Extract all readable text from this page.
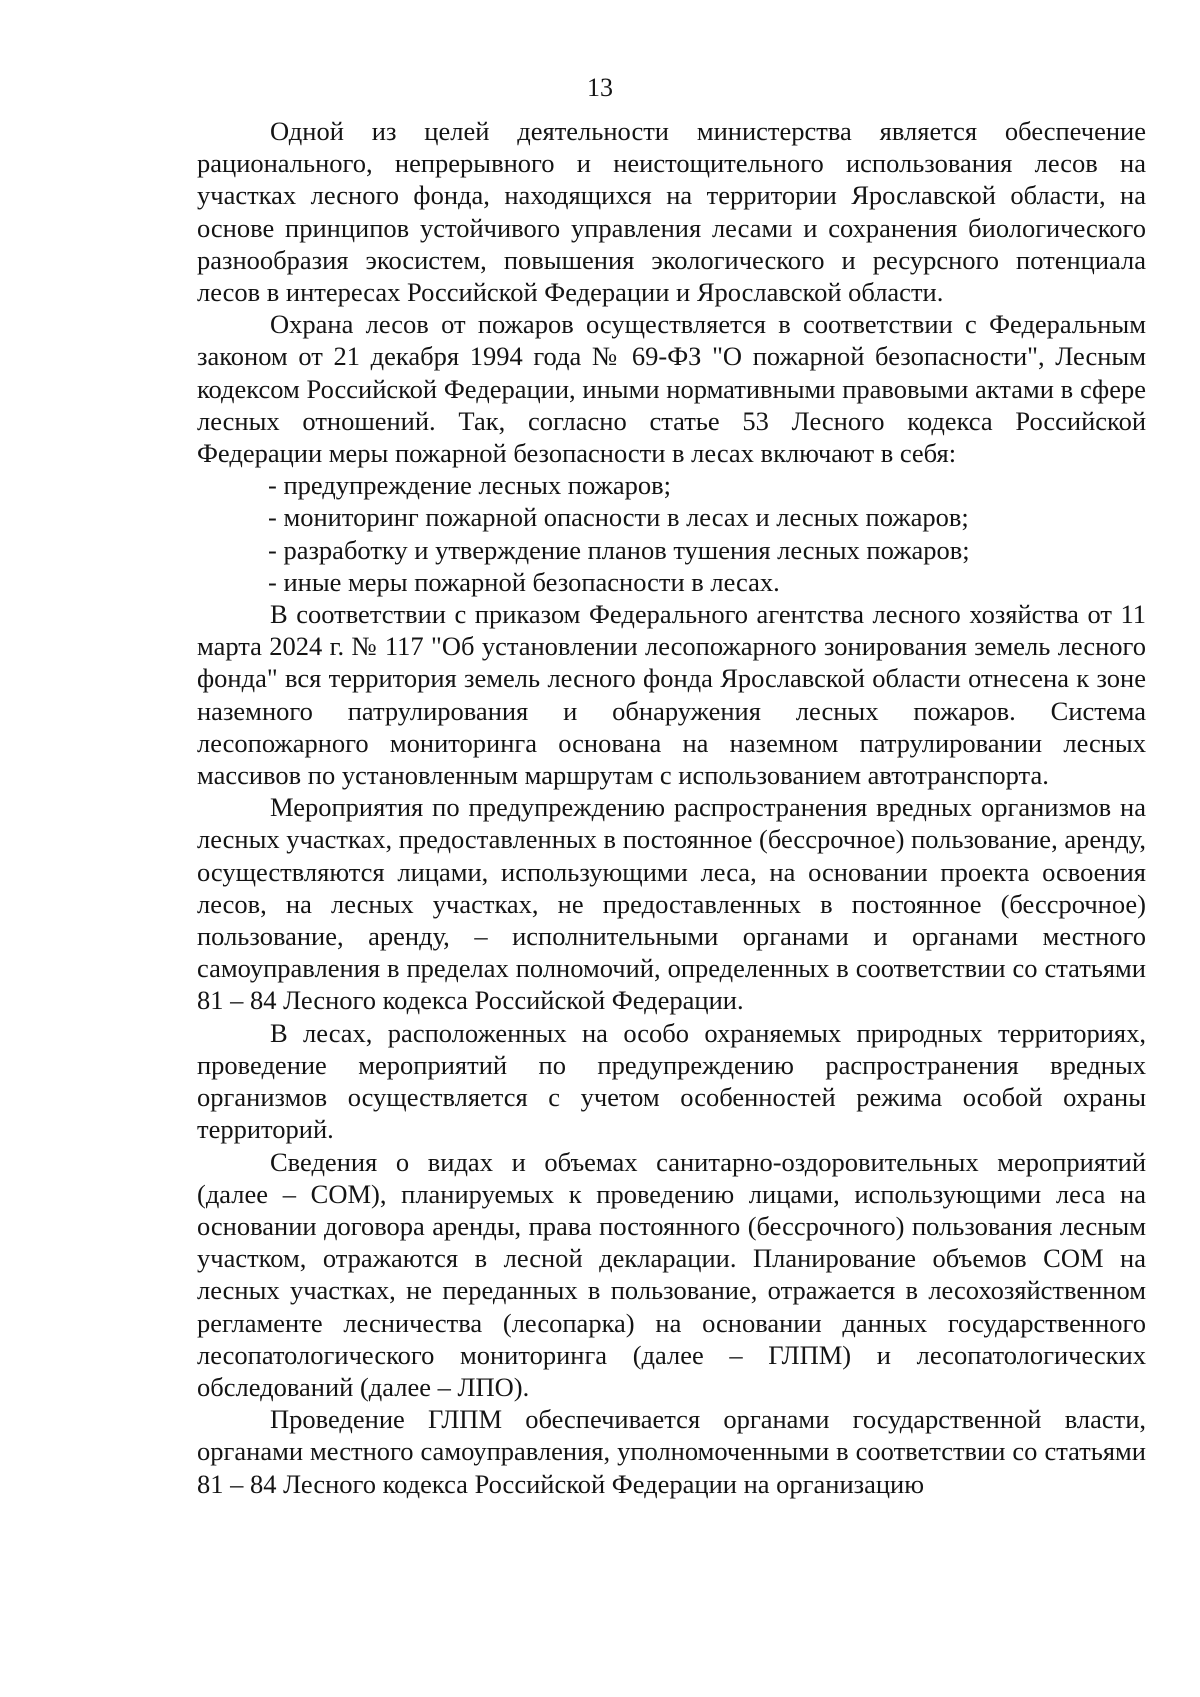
13

Одной из целей деятельности министерства является обеспечение рационального, непрерывного и неистощительного использования лесов на участках лесного фонда, находящихся на территории Ярославской области, на основе принципов устойчивого управления лесами и сохранения биологического разнообразия экосистем, повышения экологического и ресурсного потенциала лесов в интересах Российской Федерации и Ярославской области.

Охрана лесов от пожаров осуществляется в соответствии с Федеральным законом от 21 декабря 1994 года № 69-ФЗ "О пожарной безопасности", Лесным кодексом Российской Федерации, иными нормативными правовыми актами в сфере лесных отношений. Так, согласно статье 53 Лесного кодекса Российской Федерации меры пожарной безопасности в лесах включают в себя:

- предупреждение лесных пожаров;
- мониторинг пожарной опасности в лесах и лесных пожаров;
- разработку и утверждение планов тушения лесных пожаров;
- иные меры пожарной безопасности в лесах.

В соответствии с приказом Федерального агентства лесного хозяйства от 11 марта 2024 г. № 117 "Об установлении лесопожарного зонирования земель лесного фонда" вся территория земель лесного фонда Ярославской области отнесена к зоне наземного патрулирования и обнаружения лесных пожаров. Система лесопожарного мониторинга основана на наземном патрулировании лесных массивов по установленным маршрутам с использованием автотранспорта.

Мероприятия по предупреждению распространения вредных организмов на лесных участках, предоставленных в постоянное (бессрочное) пользование, аренду, осуществляются лицами, использующими леса, на основании проекта освоения лесов, на лесных участках, не предоставленных в постоянное (бессрочное) пользование, аренду, – исполнительными органами и органами местного самоуправления в пределах полномочий, определенных в соответствии со статьями 81 – 84 Лесного кодекса Российской Федерации.

В лесах, расположенных на особо охраняемых природных территориях, проведение мероприятий по предупреждению распространения вредных организмов осуществляется с учетом особенностей режима особой охраны территорий.

Сведения о видах и объемах санитарно-оздоровительных мероприятий (далее – СОМ), планируемых к проведению лицами, использующими леса на основании договора аренды, права постоянного (бессрочного) пользования лесным участком, отражаются в лесной декларации. Планирование объемов СОМ на лесных участках, не переданных в пользование, отражается в лесохозяйственном регламенте лесничества (лесопарка) на основании данных государственного лесопатологического мониторинга (далее – ГЛПМ) и лесопатологических обследований (далее – ЛПО).

Проведение ГЛПМ обеспечивается органами государственной власти, органами местного самоуправления, уполномоченными в соответствии со статьями 81 – 84 Лесного кодекса Российской Федерации на организацию
